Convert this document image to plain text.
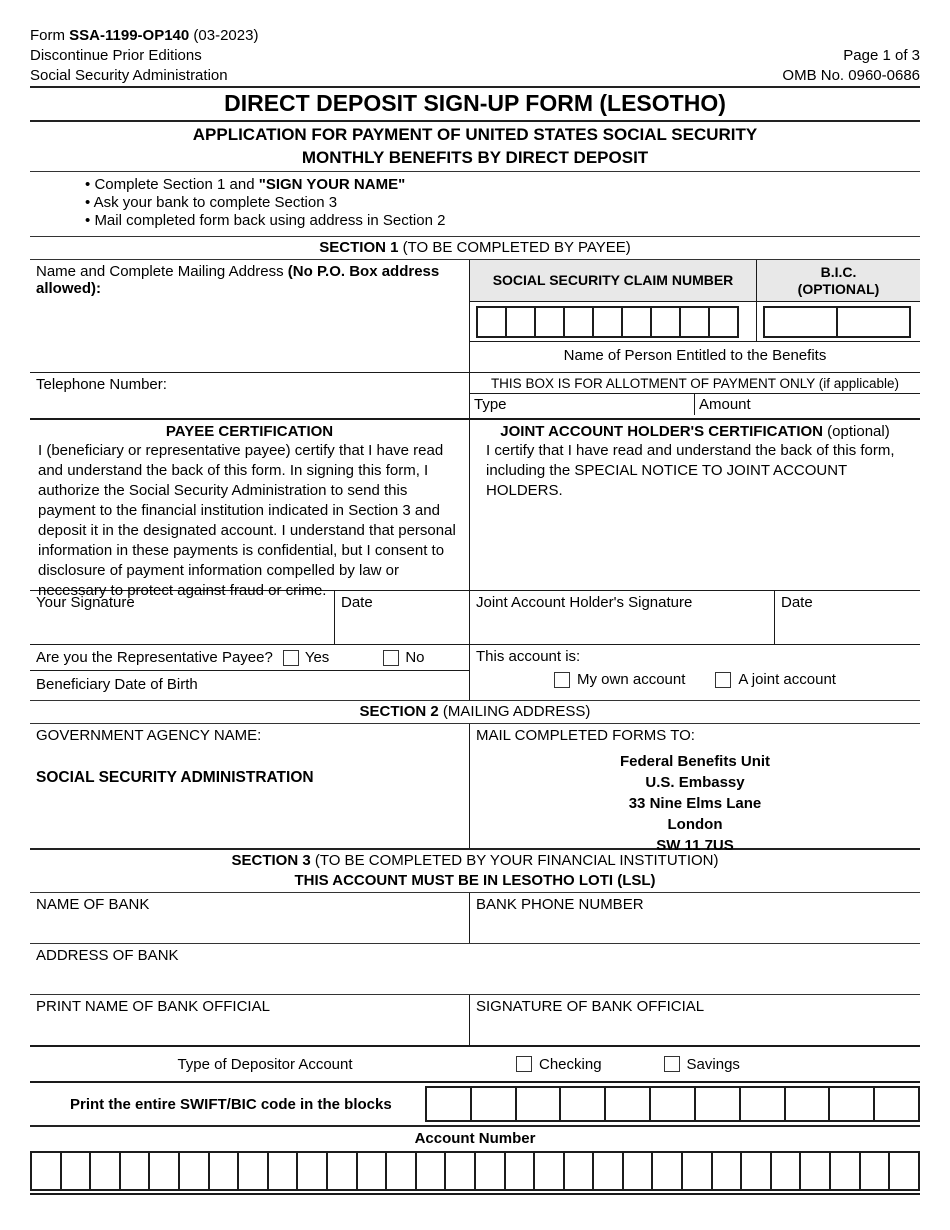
Form SSA-1199-OP140 (03-2023)
Discontinue Prior Editions
Social Security Administration
Page 1 of 3
OMB No. 0960-0686
DIRECT DEPOSIT SIGN-UP FORM (LESOTHO)
APPLICATION FOR PAYMENT OF UNITED STATES SOCIAL SECURITY
MONTHLY BENEFITS BY DIRECT DEPOSIT
• Complete Section 1 and "SIGN YOUR NAME"
• Ask your bank to complete Section 3
• Mail completed form back using address in Section 2
SECTION 1 (TO BE COMPLETED BY PAYEE)
Name and Complete Mailing Address (No P.O. Box address allowed):	SOCIAL SECURITY CLAIM NUMBER
B.I.C.
(OPTIONAL)
Name of Person Entitled to the Benefits
Telephone Number:	THIS BOX IS FOR ALLOTMENT OF PAYMENT ONLY (if applicable)
Type	Amount
PAYEE CERTIFICATION
I (beneficiary or representative payee) certify that I have read and understand the back of this form. In signing this form, I authorize the Social Security Administration to send this payment to the financial institution indicated in Section 3 and deposit it in the designated account. I understand that personal information in these payments is confidential, but I consent to disclosure of payment information compelled by law or necessary to protect against fraud or crime.
JOINT ACCOUNT HOLDER'S CERTIFICATION (optional)
I certify that I have read and understand the back of this form, including the SPECIAL NOTICE TO JOINT ACCOUNT HOLDERS.
Your Signature	Date	Joint Account Holder's Signature	Date
Are you the Representative Payee? Yes	No
Beneficiary Date of Birth
This account is:
My own account	A joint account
SECTION 2 (MAILING ADDRESS)
GOVERNMENT AGENCY NAME:
SOCIAL SECURITY ADMINISTRATION
MAIL COMPLETED FORMS TO:
Federal Benefits Unit
U.S. Embassy
33 Nine Elms Lane
London
SW 11 7US
SECTION 3 (TO BE COMPLETED BY YOUR FINANCIAL INSTITUTION)
THIS ACCOUNT MUST BE IN LESOTHO LOTI (LSL)
NAME OF BANK	BANK PHONE NUMBER
ADDRESS OF BANK
PRINT NAME OF BANK OFFICIAL	SIGNATURE OF BANK OFFICIAL
Type of Depositor Account	Checking	Savings
Print the entire SWIFT/BIC code in the blocks
Account Number
